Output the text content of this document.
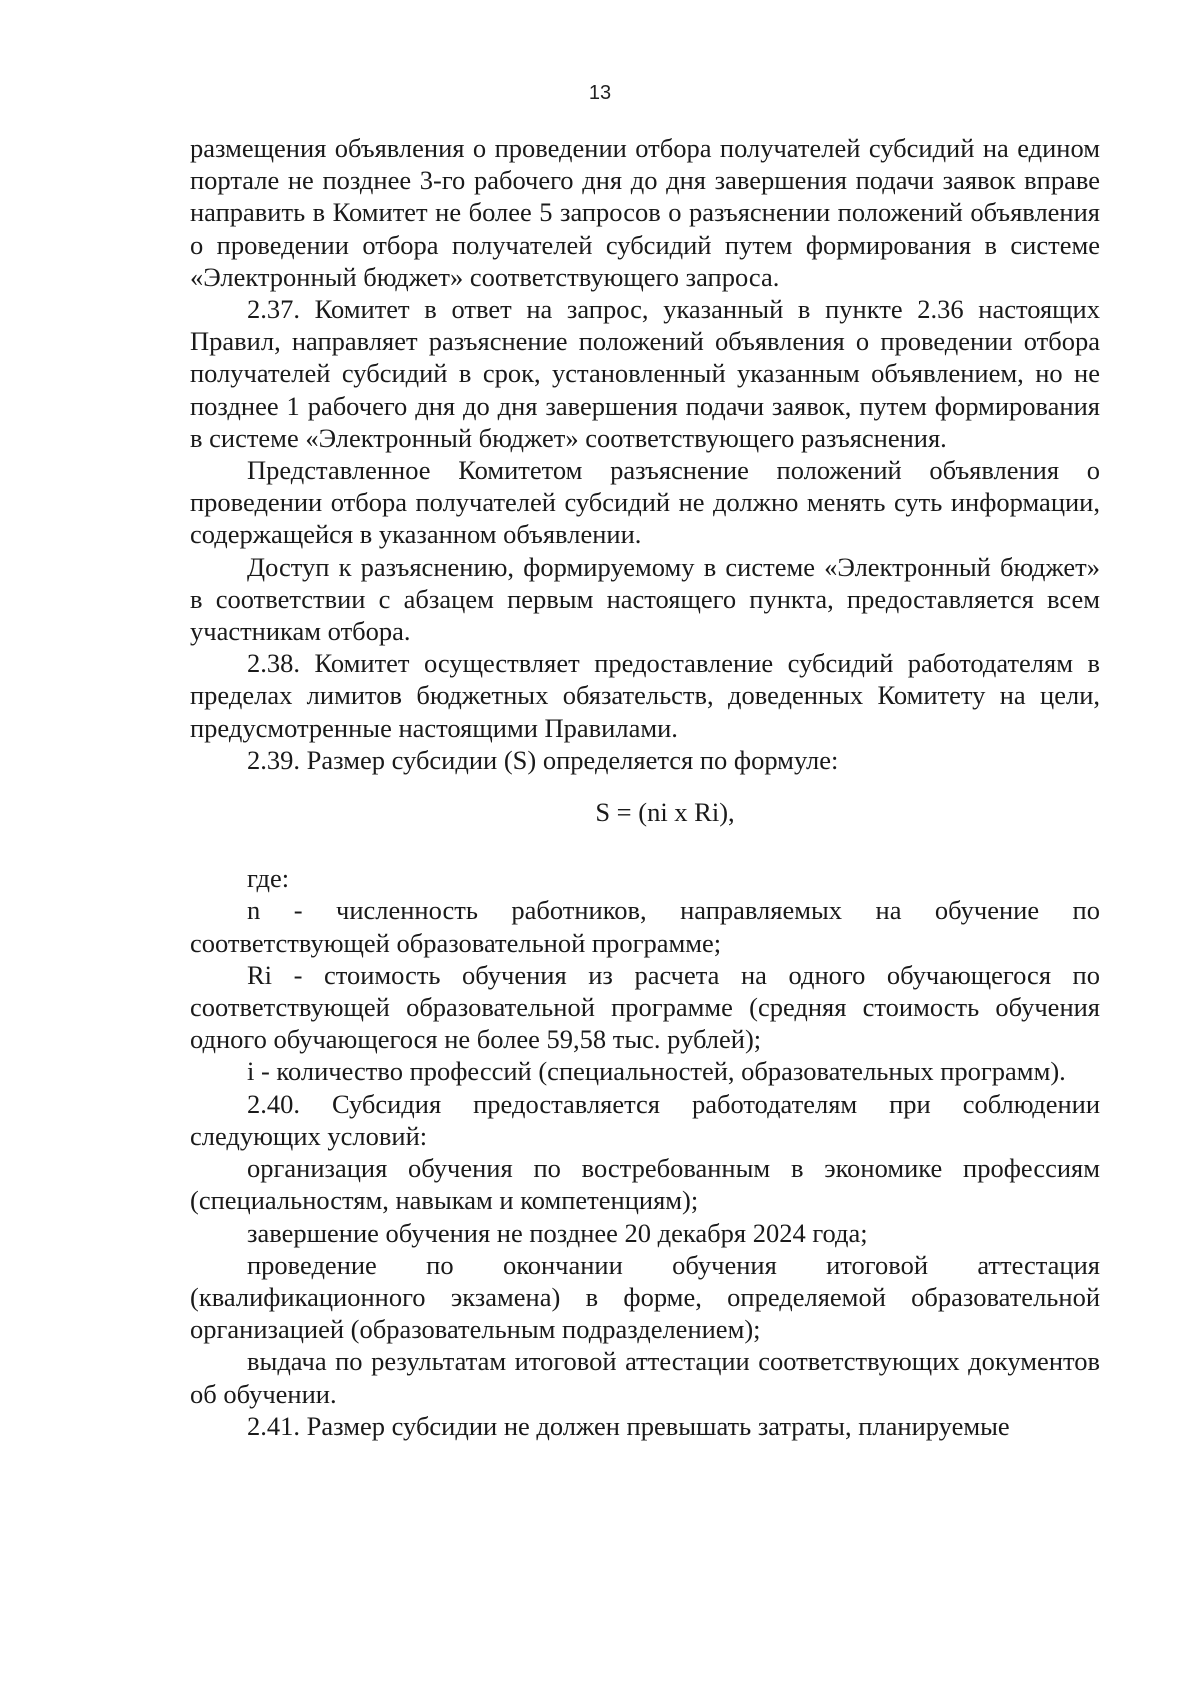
13

размещения объявления о проведении отбора получателей субсидий на едином портале не позднее 3-го рабочего дня до дня завершения подачи заявок вправе направить в Комитет не более 5 запросов о разъяснении положений объявления о проведении отбора получателей субсидий путем формирования в системе «Электронный бюджет» соответствующего запроса.

2.37. Комитет в ответ на запрос, указанный в пункте 2.36 настоящих Правил, направляет разъяснение положений объявления о проведении отбора получателей субсидий в срок, установленный указанным объявлением, но не позднее 1 рабочего дня до дня завершения подачи заявок, путем формирования в системе «Электронный бюджет» соответствующего разъяснения.

Представленное Комитетом разъяснение положений объявления о проведении отбора получателей субсидий не должно менять суть информации, содержащейся в указанном объявлении.

Доступ к разъяснению, формируемому в системе «Электронный бюджет» в соответствии с абзацем первым настоящего пункта, предоставляется всем участникам отбора.

2.38. Комитет осуществляет предоставление субсидий работодателям в пределах лимитов бюджетных обязательств, доведенных Комитету на цели, предусмотренные настоящими Правилами.

2.39. Размер субсидии (S) определяется по формуле:

S = (ni x Ri),

где:

n - численность работников, направляемых на обучение по соответствующей образовательной программе;

Ri - стоимость обучения из расчета на одного обучающегося по соответствующей образовательной программе (средняя стоимость обучения одного обучающегося не более 59,58 тыс. рублей);

i - количество профессий (специальностей, образовательных программ).

2.40. Субсидия предоставляется работодателям при соблюдении следующих условий:

организация обучения по востребованным в экономике профессиям (специальностям, навыкам и компетенциям);

завершение обучения не позднее 20 декабря 2024 года;

проведение по окончании обучения итоговой аттестация (квалификационного экзамена) в форме, определяемой образовательной организацией (образовательным подразделением);

выдача по результатам итоговой аттестации соответствующих документов об обучении.

2.41. Размер субсидии не должен превышать затраты, планируемые
